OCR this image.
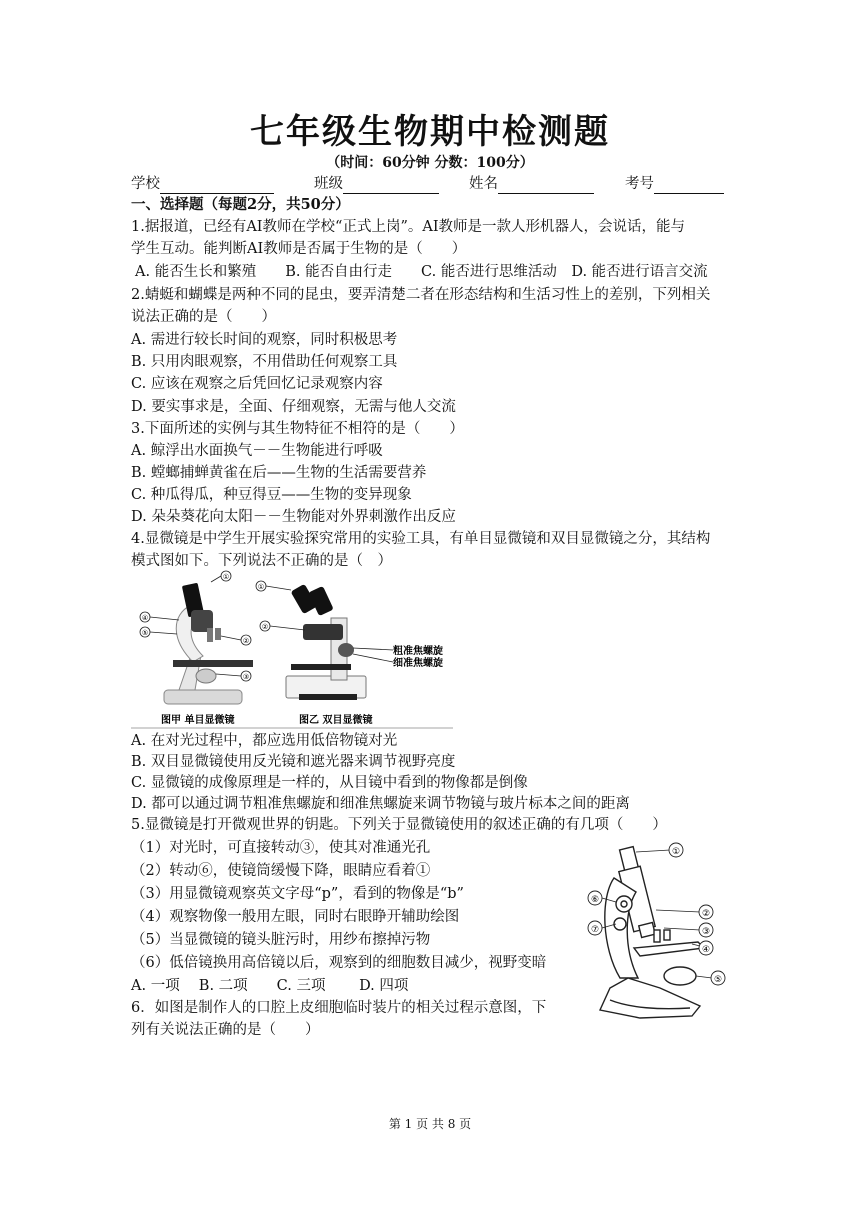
七年级生物期中检测题
（时间：60分钟 分数：100分）
学校	班级	姓名	考号
一、选择题（每题2分，共50分）
1.据报道，已经有AI教师在学校“正式上岗”。AI教师是一款人形机器人，会说话，能与
学生互动。能判断AI教师是否属于生物的是（　　）
A. 能否生长和繁殖　　B. 能否自由行走　　C. 能否进行思维活动　D. 能否进行语言交流
2.蜻蜓和蝴蝶是两种不同的昆虫，要弄清楚二者在形态结构和生活习性上的差别，下列相关
说法正确的是（　　）
A. 需进行较长时间的观察，同时积极思考
B. 只用肉眼观察，不用借助任何观察工具
C. 应该在观察之后凭回忆记录观察内容
D. 要实事求是，全面、仔细观察，无需与他人交流
3.下面所述的实例与其生物特征不相符的是（　　）
A. 鲸浮出水面换气－－生物能进行呼吸
B. 螳螂捕蝉黄雀在后——生物的生活需要营养
C. 种瓜得瓜，种豆得豆——生物的变异现象
D. 朵朵葵花向太阳－－生物能对外界刺激作出反应
4.显微镜是中学生开展实验探究常用的实验工具，有单目显微镜和双目显微镜之分，其结构
模式图如下。下列说法不正确的是（　）
①
④
⑤
②
③
①
②
粗准焦螺旋
细准焦螺旋
图甲 单目显微镜	图乙 双目显微镜
A. 在对光过程中，都应选用低倍物镜对光
B. 双目显微镜使用反光镜和遮光器来调节视野亮度
C. 显微镜的成像原理是一样的，从目镜中看到的物像都是倒像
D. 都可以通过调节粗准焦螺旋和细准焦螺旋来调节物镜与玻片标本之间的距离
5.显微镜是打开微观世界的钥匙。下列关于显微镜使用的叙述正确的有几项（　　）
（1）对光时，可直接转动③，使其对准通光孔
（2）转动⑥，使镜筒缓慢下降，眼睛应看着①
（3）用显微镜观察英文字母“p”，看到的物像是“b”
（4）观察物像一般用左眼，同时右眼睁开辅助绘图
（5）当显微镜的镜头脏污时，用纱布擦掉污物
（6）低倍镜换用高倍镜以后，观察到的细胞数目减少，视野变暗
A. 一项　 B. 二项　　C. 三项　　 D. 四项
6．如图是制作人的口腔上皮细胞临时装片的相关过程示意图，下
列有关说法正确的是（　　）
①
②
③
④
⑤
⑥
⑦
第 1 页 共 8 页
